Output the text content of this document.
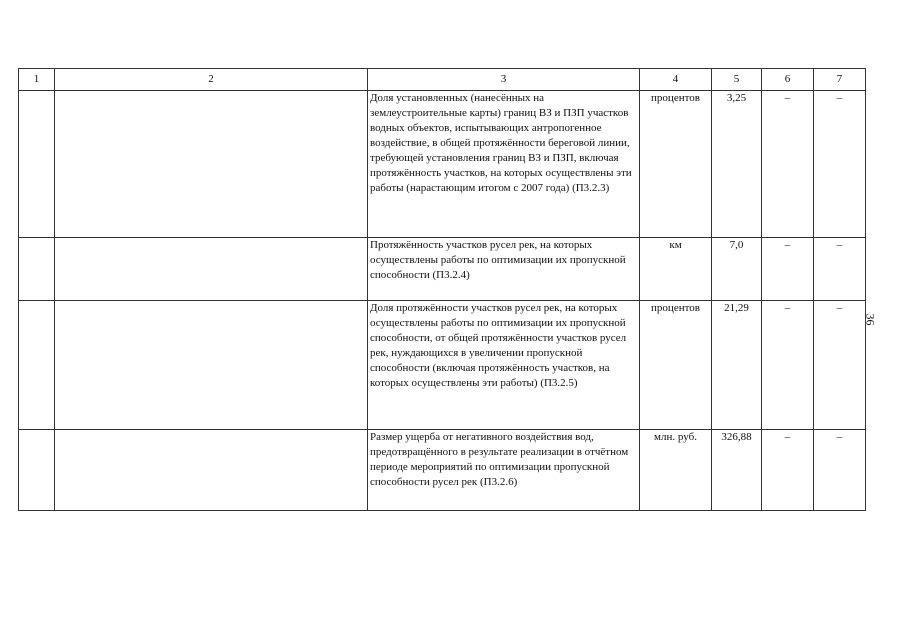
1	2	3	4	5	6	7
		Доля установленных (нанесённых на землеустроительные карты) границ ВЗ и ПЗП участков водных объектов, испытывающих антропогенное воздействие, в общей протяжённости береговой линии, требующей установления границ ВЗ и ПЗП, включая протяжённость участков, на которых осуществлены эти работы (нарастающим итогом с 2007 года) (П3.2.3)	процентов	3,25	–	–
		Протяжённость участков русел рек, на которых осуществлены работы по оптимизации их пропускной способности (П3.2.4)	км	7,0	–	–
		Доля протяжённости участков русел рек, на которых осуществлены работы по оптимизации их пропускной способности, от общей протяжённости участков русел рек, нуждающихся в увеличении пропускной способности (включая протяжённость участков, на которых осуществлены эти работы) (П3.2.5)	процентов	21,29	–	–
		Размер ущерба от негативного воздействия вод, предотвращённого в результате реализации в отчётном периоде мероприятий по оптимизации пропускной способности русел рек (П3.2.6)	млн. руб.	326,88	–	–
36
